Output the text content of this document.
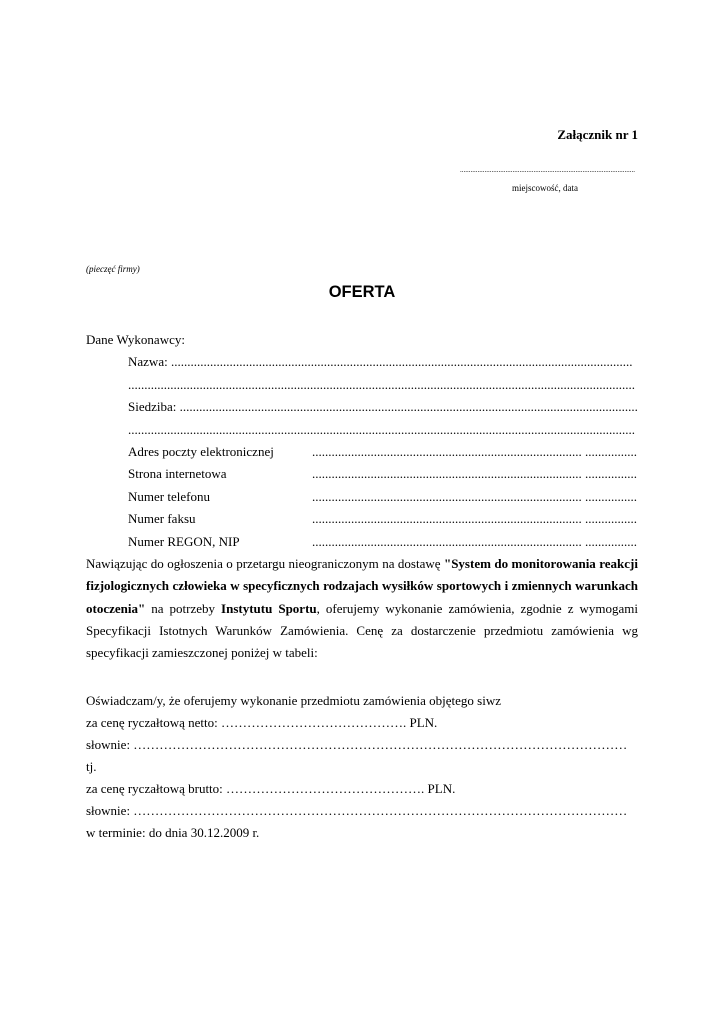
Załącznik nr 1
....................................................................................................
miejscowość, data
(pieczęć firmy)
OFERTA
Dane Wykonawcy:
Nazwa: ..............................................................................................................................................
............................................................................................................................................................
Siedziba: .............................................................................................................................................
............................................................................................................................................................
Adres poczty elektronicznej	................................................................................... ................
Strona internetowa	................................................................................... ................
Numer telefonu	................................................................................... ................
Numer faksu	................................................................................... ................
Numer REGON, NIP	................................................................................... ................
Nawiązując do ogłoszenia o przetargu nieograniczonym na dostawę "System do monitorowania reakcji
fizjologicznych człowieka w specyficznych rodzajach wysiłków sportowych i zmiennych warunkach
otoczenia" na potrzeby Instytutu Sportu, oferujemy wykonanie zamówienia, zgodnie z wymogami
Specyfikacji Istotnych Warunków Zamówienia. Cenę za dostarczenie przedmiotu zamówienia wg
specyfikacji zamieszczonej poniżej w tabeli:
Oświadczam/y, że oferujemy wykonanie przedmiotu zamówienia objętego siwz
za cenę ryczałtową netto: ……………………………………. PLN.
słownie: ……………………………………………………………………………………………………
tj.
za cenę ryczałtową brutto: ………………………………………. PLN.
słownie: ……………………………………………………………………………………………………
w terminie: do dnia 30.12.2009 r.
